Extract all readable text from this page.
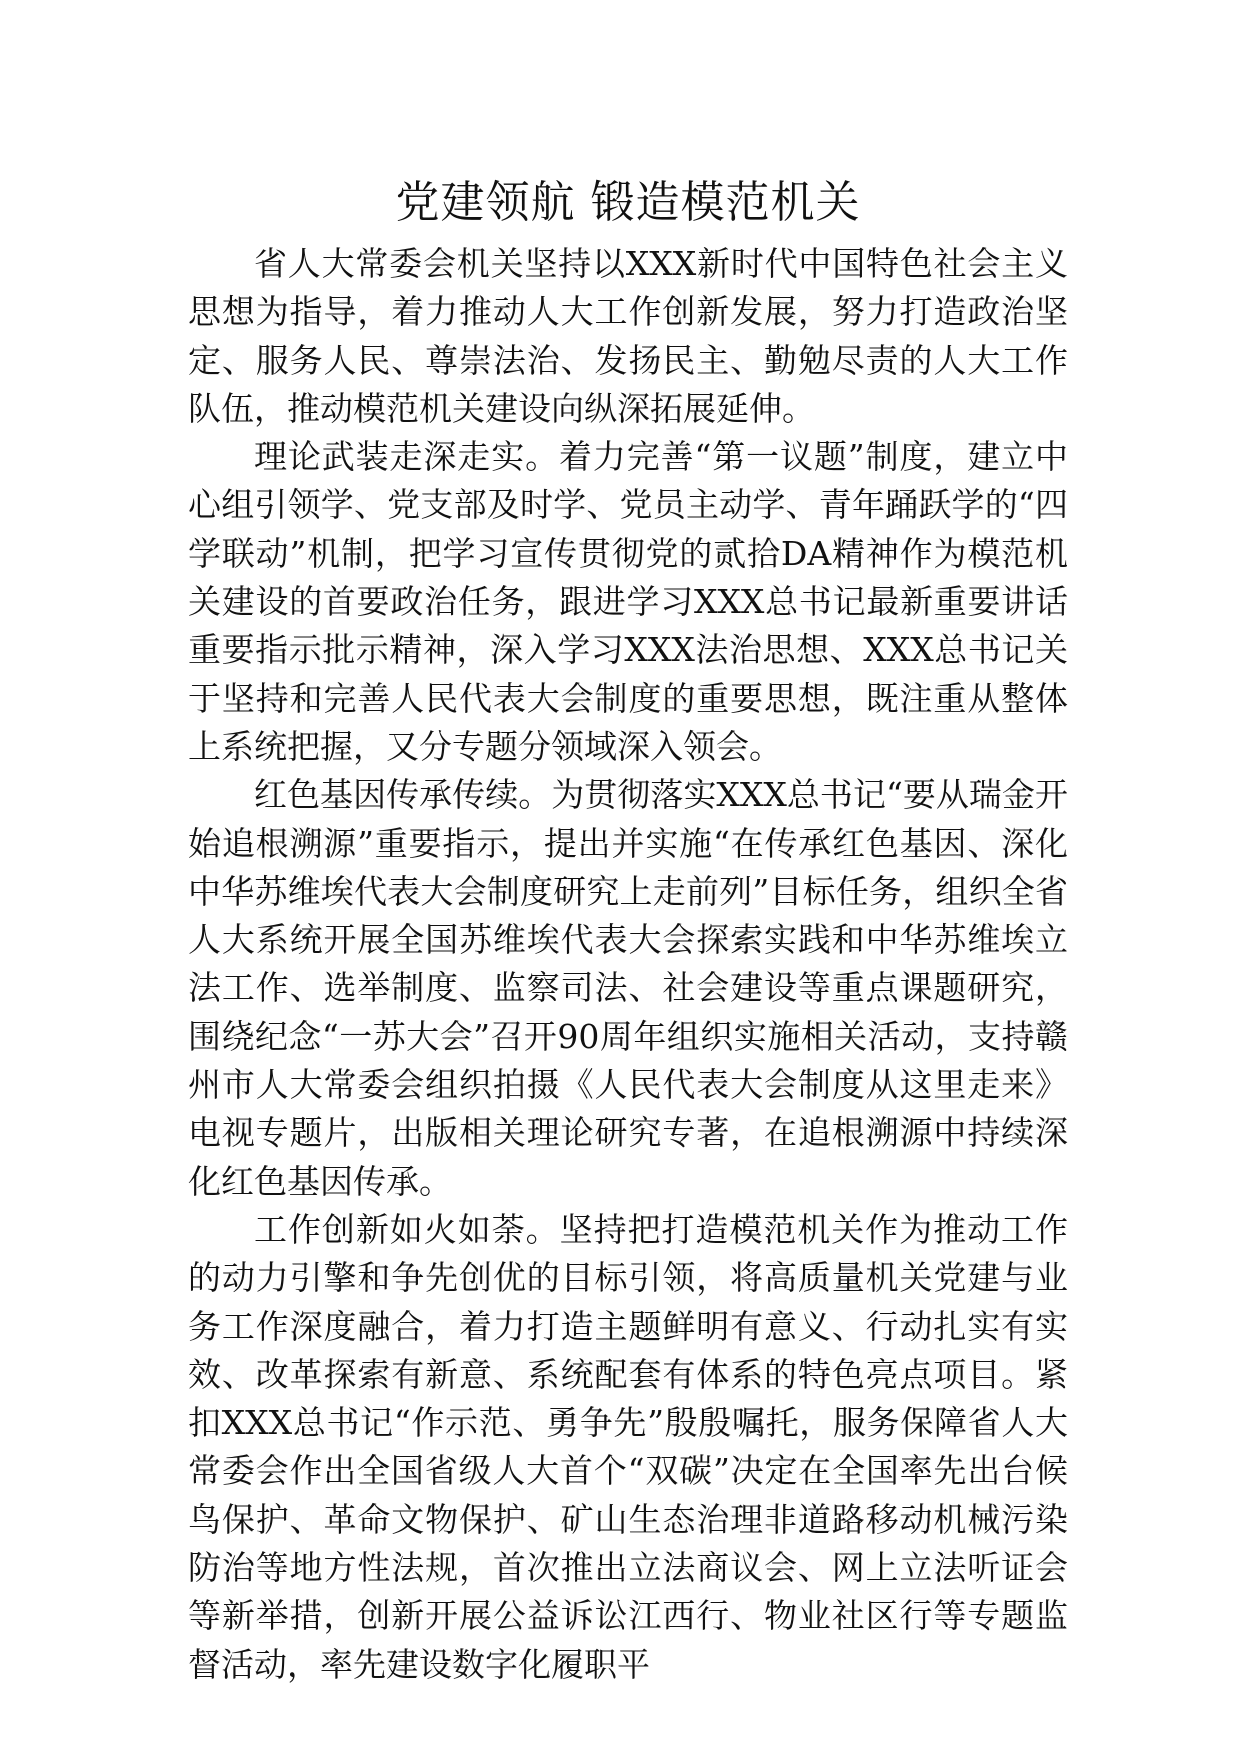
党建领航 锻造模范机关

省人大常委会机关坚持以XXX新时代中国特色社会主义思想为指导，着力推动人大工作创新发展，努力打造政治坚定、服务人民、尊崇法治、发扬民主、勤勉尽责的人大工作队伍，推动模范机关建设向纵深拓展延伸。

理论武装走深走实。着力完善“第一议题”制度，建立中心组引领学、党支部及时学、党员主动学、青年踊跃学的“四学联动”机制，把学习宣传贯彻党的贰拾DA精神作为模范机关建设的首要政治任务，跟进学习XXX总书记最新重要讲话重要指示批示精神，深入学习XXX法治思想、XXX总书记关于坚持和完善人民代表大会制度的重要思想，既注重从整体上系统把握，又分专题分领域深入领会。

红色基因传承传续。为贯彻落实XXX总书记“要从瑞金开始追根溯源”重要指示，提出并实施“在传承红色基因、深化中华苏维埃代表大会制度研究上走前列”目标任务，组织全省人大系统开展全国苏维埃代表大会探索实践和中华苏维埃立法工作、选举制度、监察司法、社会建设等重点课题研究，围绕纪念“一苏大会”召开90周年组织实施相关活动，支持赣州市人大常委会组织拍摄《人民代表大会制度从这里走来》电视专题片，出版相关理论研究专著，在追根溯源中持续深化红色基因传承。

工作创新如火如荼。坚持把打造模范机关作为推动工作的动力引擎和争先创优的目标引领，将高质量机关党建与业务工作深度融合，着力打造主题鲜明有意义、行动扎实有实效、改革探索有新意、系统配套有体系的特色亮点项目。紧扣XXX总书记“作示范、勇争先”殷殷嘱托，服务保障省人大常委会作出全国省级人大首个“双碳”决定在全国率先出台候鸟保护、革命文物保护、矿山生态治理非道路移动机械污染防治等地方性法规，首次推出立法商议会、网上立法听证会等新举措，创新开展公益诉讼江西行、物业社区行等专题监督活动，率先建设数字化履职平
